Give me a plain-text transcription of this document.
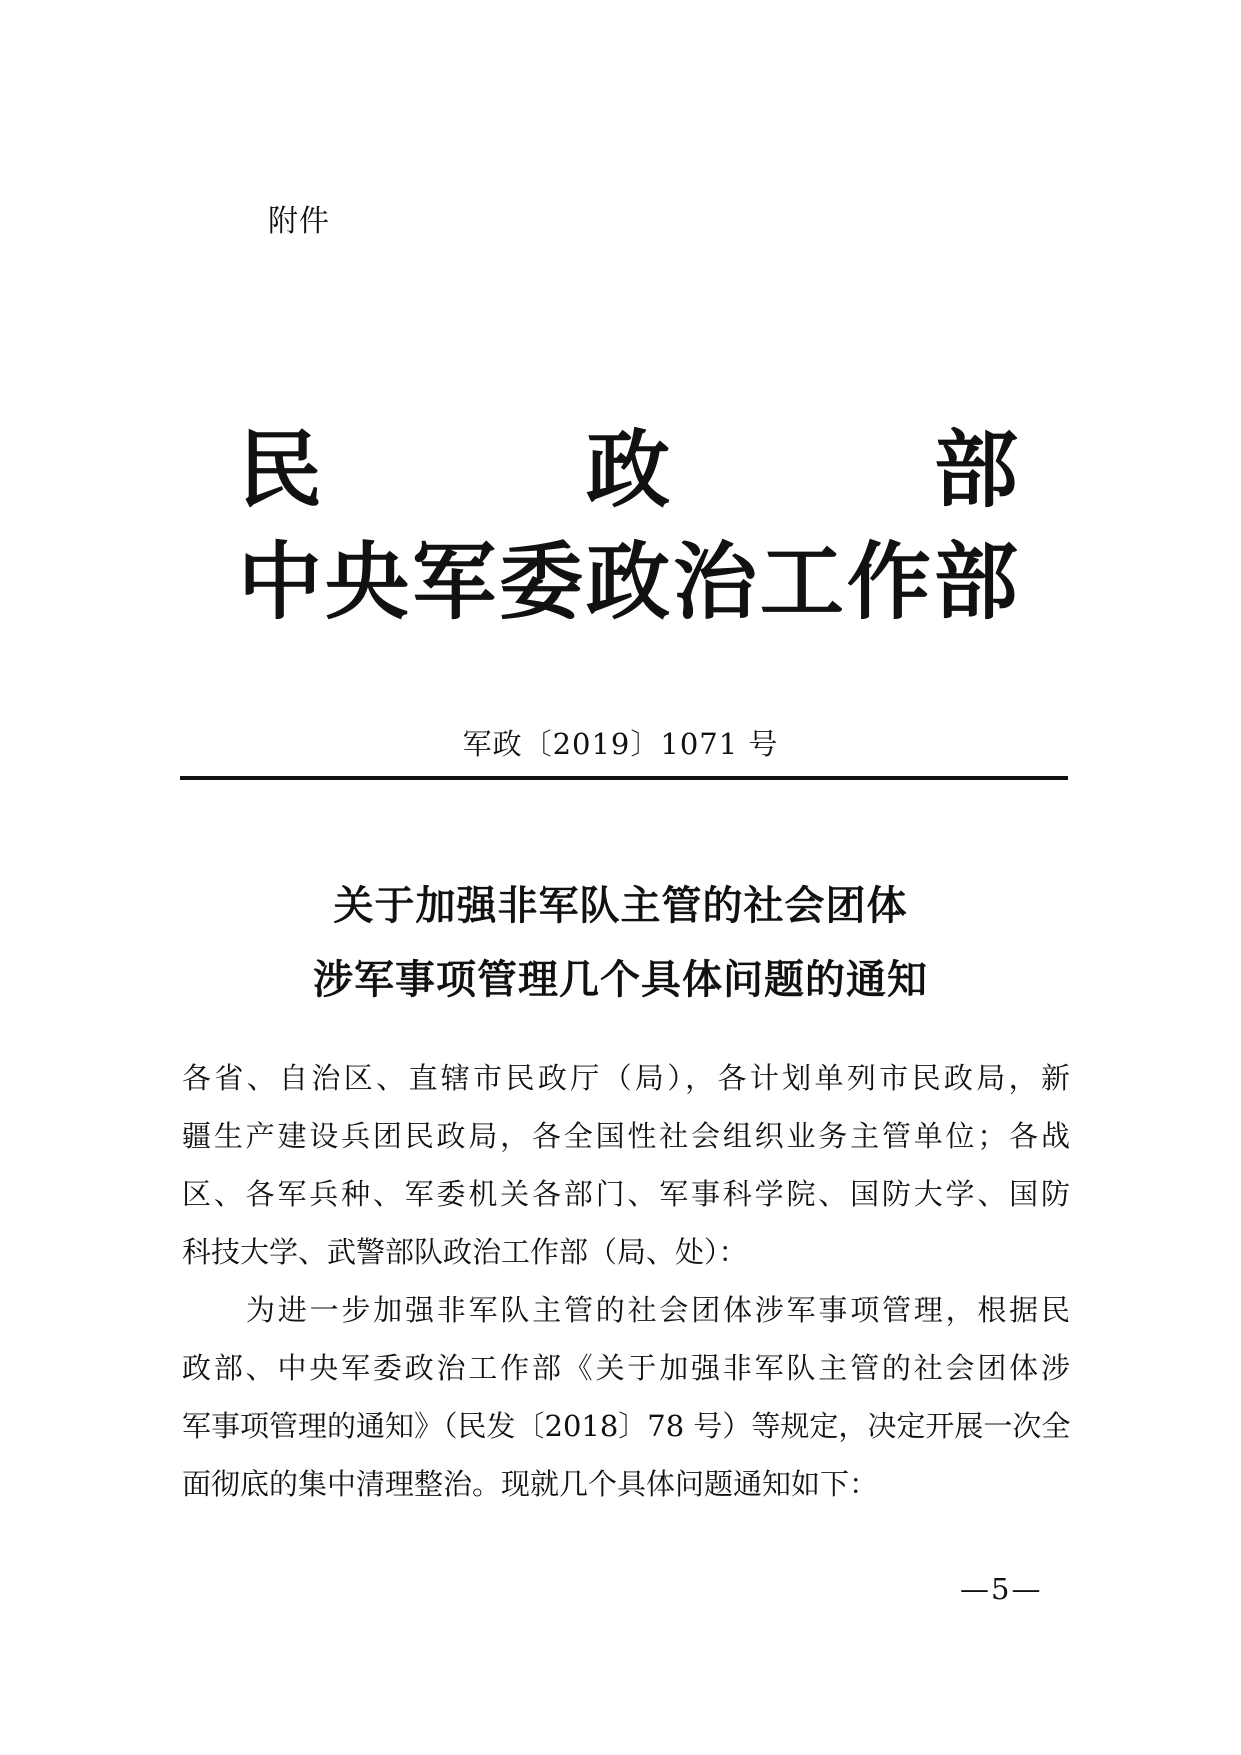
附件
民	政	部
中 央 军 委 政 治 工 作 部
军政〔2019〕1071 号
关于加强非军队主管的社会团体
涉军事项管理几个具体问题的通知
各省、自治区、直辖市民政厅（局），各计划单列市民政局，新
疆生产建设兵团民政局，各全国性社会组织业务主管单位；各战
区、各军兵种、军委机关各部门、军事科学院、国防大学、国防
科技大学、武警部队政治工作部（局、处）：
为进一步加强非军队主管的社会团体涉军事项管理，根据民
政部、中央军委政治工作部《关于加强非军队主管的社会团体涉
军事项管理的通知》（民发〔2018〕78 号）等规定，决定开展一次全
面彻底的集中清理整治。现就几个具体问题通知如下：
—5—
